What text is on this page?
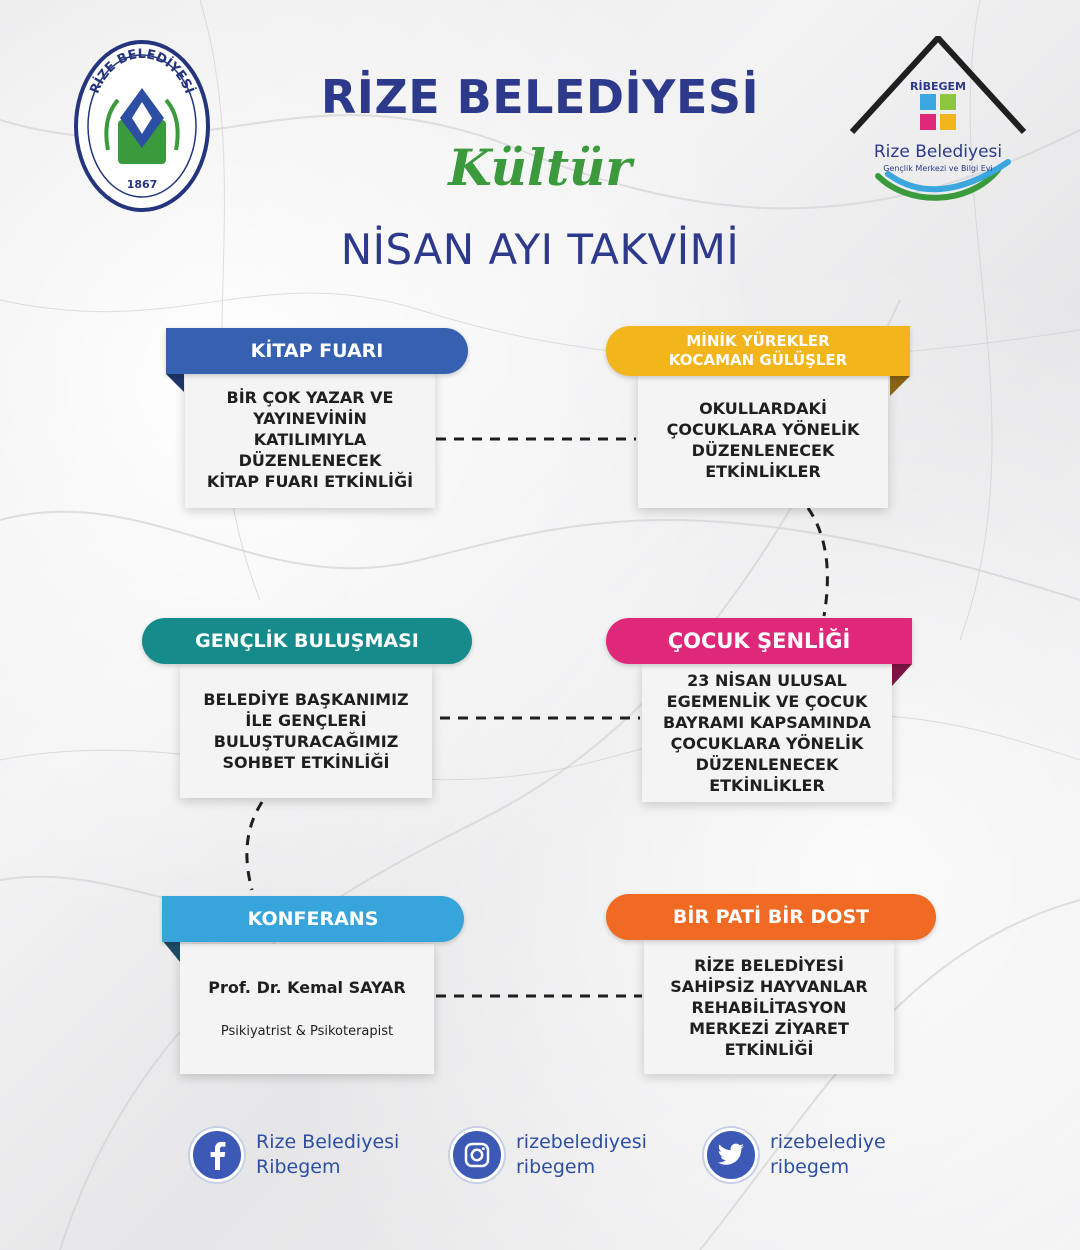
RİZE BELEDİYESİ
1867
RİBEGEM
Rize Belediyesi
Gençlik Merkezi ve Bilgi Evi
RİZE BELEDİYESİ
Kültür
NİSAN AYI TAKVİMİ
BİR ÇOK YAZAR VE
YAYINEVİNİN
KATILIMIYLA
DÜZENLENECEK
KİTAP FUARI ETKİNLİĞİ
KİTAP FUARI
OKULLARDAKİ
ÇOCUKLARA YÖNELİK
DÜZENLENECEK
ETKİNLİKLER
MİNİK YÜREKLER
KOCAMAN GÜLÜŞLER
BELEDİYE BAŞKANIMIZ
İLE GENÇLERİ
BULUŞTURACAĞIMIZ
SOHBET ETKİNLİĞİ
GENÇLİK BULUŞMASI
23 NİSAN ULUSAL
EGEMENLİK VE ÇOCUK
BAYRAMI KAPSAMINDA
ÇOCUKLARA YÖNELİK
DÜZENLENECEK ETKİNLİKLER
ÇOCUK ŞENLİĞİ

Prof. Dr. Kemal SAYAR

Psikiyatrist & Psikoterapist

KONFERANS
RİZE BELEDİYESİ
SAHİPSİZ HAYVANLAR
REHABİLİTASYON
MERKEZİ ZİYARET
ETKİNLİĞİ
BİR PATİ BİR DOST
Rize Belediyesi
Ribegem
rizebelediyesi
ribegem
rizebelediye
ribegem
